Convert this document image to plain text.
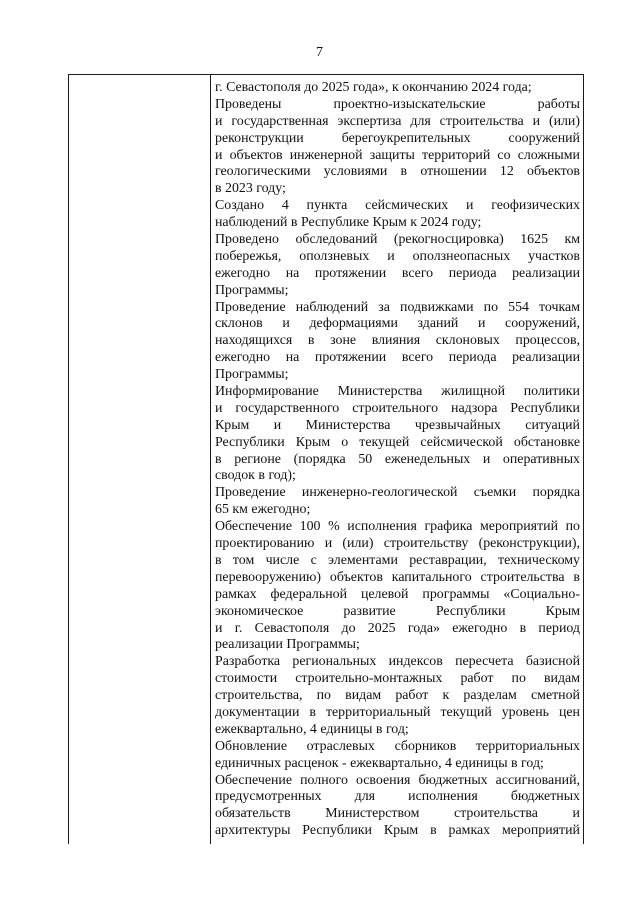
7
г. Севастополя до 2025 года», к окончанию 2024 года;
Проведены проектно-изыскательские работы
и государственная экспертиза для строительства и (или)
реконструкции берегоукрепительных сооружений
и объектов инженерной защиты территорий со сложными
геологическими условиями в отношении 12 объектов
в 2023 году;
Создано 4 пункта сейсмических и геофизических
наблюдений в Республике Крым к 2024 году;
Проведено обследований (рекогносцировка) 1625 км
побережья, оползневых и оползнеопасных участков
ежегодно на протяжении всего периода реализации
Программы;
Проведение наблюдений за подвижками по 554 точкам
склонов и деформациями зданий и сооружений,
находящихся в зоне влияния склоновых процессов,
ежегодно на протяжении всего периода реализации
Программы;
Информирование Министерства жилищной политики
и государственного строительного надзора Республики
Крым и Министерства чрезвычайных ситуаций
Республики Крым о текущей сейсмической обстановке
в регионе (порядка 50 еженедельных и оперативных
сводок в год);
Проведение инженерно-геологической съемки порядка
65 км ежегодно;
Обеспечение 100 % исполнения графика мероприятий по
проектированию и (или) строительству (реконструкции),
в том числе с элементами реставрации, техническому
перевооружению) объектов капитального строительства в
рамках федеральной целевой программы «Социально-
экономическое развитие Республики Крым
и г. Севастополя до 2025 года» ежегодно в период
реализации Программы;
Разработка региональных индексов пересчета базисной
стоимости строительно-монтажных работ по видам
строительства, по видам работ к разделам сметной
документации в территориальный текущий уровень цен
ежеквартально, 4 единицы в год;
Обновление отраслевых сборников территориальных
единичных расценок - ежеквартально, 4 единицы в год;
Обеспечение полного освоения бюджетных ассигнований,
предусмотренных для исполнения бюджетных
обязательств Министерством строительства и
архитектуры Республики Крым в рамках мероприятий
